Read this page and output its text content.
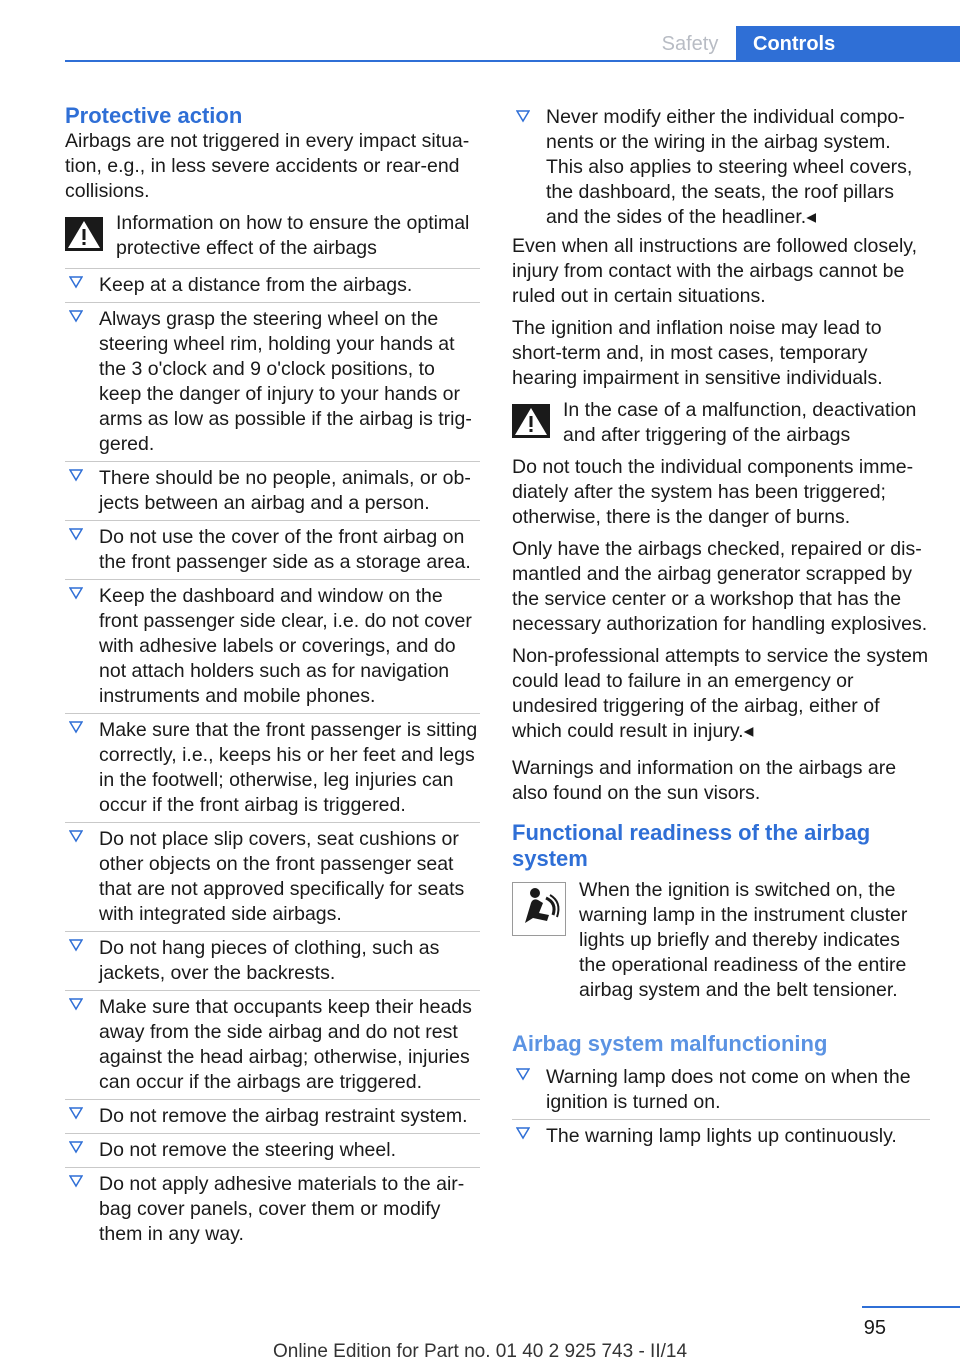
Safety	Controls
Protective action

Airbags are not triggered in every impact situation, e.g., in less severe accidents or rear-end collisions.

Information on how to ensure the optimal protective effect of the airbags
Keep at a distance from the airbags.
Always grasp the steering wheel on the steering wheel rim, holding your hands at the 3 o'clock and 9 o'clock positions, to keep the danger of injury to your hands or arms as low as possible if the airbag is triggered.
There should be no people, animals, or objects between an airbag and a person.
Do not use the cover of the front airbag on the front passenger side as a storage area.
Keep the dashboard and window on the front passenger side clear, i.e. do not cover with adhesive labels or coverings, and do not attach holders such as for navigation instruments and mobile phones.
Make sure that the front passenger is sitting correctly, i.e., keeps his or her feet and legs in the footwell; otherwise, leg injuries can occur if the front airbag is triggered.
Do not place slip covers, seat cushions or other objects on the front passenger seat that are not approved specifically for seats with integrated side airbags.
Do not hang pieces of clothing, such as jackets, over the backrests.
Make sure that occupants keep their heads away from the side airbag and do not rest against the head airbag; otherwise, injuries can occur if the airbags are triggered.
Do not remove the airbag restraint system.
Do not remove the steering wheel.
Do not apply adhesive materials to the airbag cover panels, cover them or modify them in any way.
Never modify either the individual components or the wiring in the airbag system. This also applies to steering wheel covers, the dashboard, the seats, the roof pillars and the sides of the headliner.◂

Even when all instructions are followed closely, injury from contact with the airbags cannot be ruled out in certain situations.

The ignition and inflation noise may lead to short-term and, in most cases, temporary hearing impairment in sensitive individuals.

In the case of a malfunction, deactivation and after triggering of the airbags

Do not touch the individual components immediately after the system has been triggered; otherwise, there is the danger of burns.

Only have the airbags checked, repaired or dismantled and the airbag generator scrapped by the service center or a workshop that has the necessary authorization for handling explosives.

Non-professional attempts to service the system could lead to failure in an emergency or undesired triggering of the airbag, either of which could result in injury.◂

Warnings and information on the airbags are also found on the sun visors.

Functional readiness of the airbag system
When the ignition is switched on, the warning lamp in the instrument cluster lights up briefly and thereby indicates the operational readiness of the entire airbag system and the belt tensioner.
Airbag system malfunctioning
Warning lamp does not come on when the ignition is turned on.
The warning lamp lights up continuously.
95
Online Edition for Part no. 01 40 2 925 743 - II/14
